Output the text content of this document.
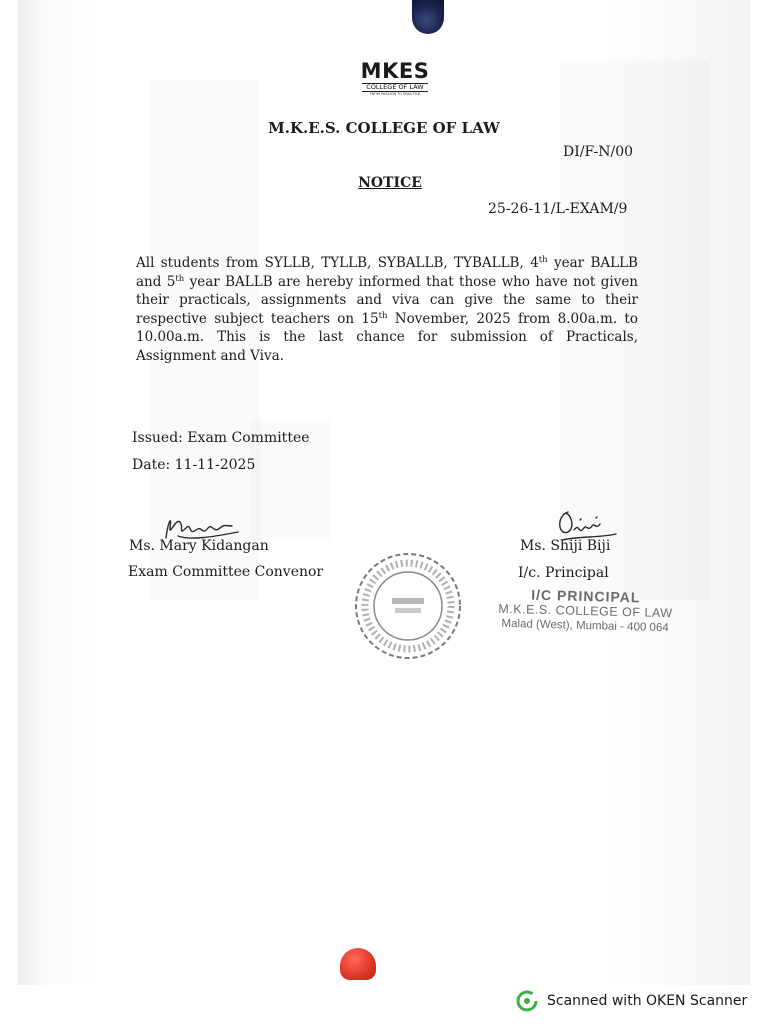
MKES
COLLEGE OF LAW
FROM PASSION TO PRACTICE
M.K.E.S. COLLEGE OF LAW
DI/F-N/00
NOTICE
25-26-11/L-EXAM/9
All students from SYLLB, TYLLB, SYBALLB, TYBALLB, 4th year BALLB and 5th year BALLB are hereby informed that those who have not given their practicals, assignments and viva can give the same to their respective subject teachers on 15th November, 2025 from 8.00a.m. to 10.00a.m. This is the last chance for submission of Practicals, Assignment and Viva.
Issued: Exam Committee
Date: 11-11-2025
Ms. Mary Kidangan
Exam Committee Convenor
Ms. Shiji Biji
I/c. Principal
I/C PRINCIPAL
M.K.E.S. COLLEGE OF LAW
Malad (West), Mumbai - 400 064
Scanned with OKEN Scanner
